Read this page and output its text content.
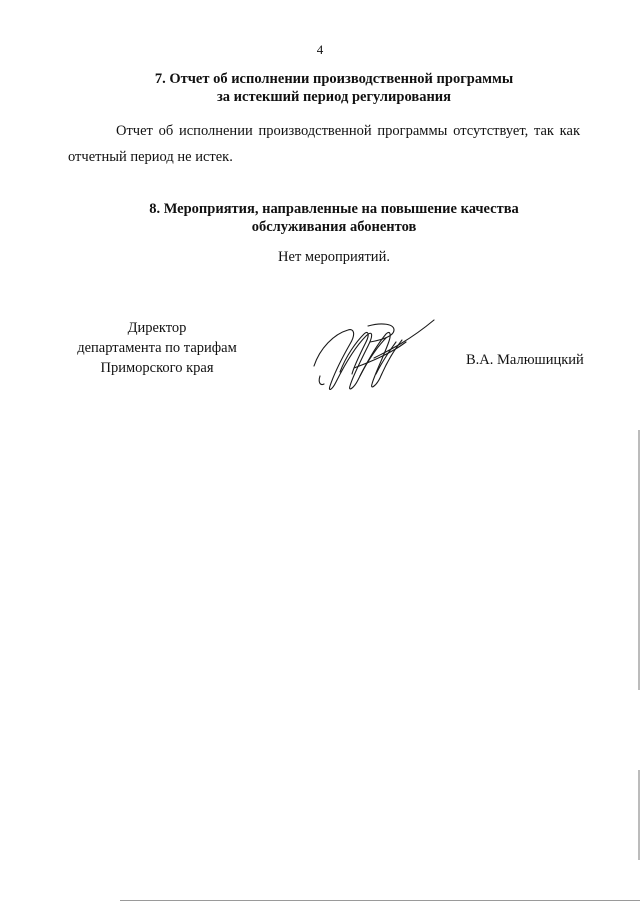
4
7. Отчет об исполнении производственной программы
за истекший период регулирования
Отчет об исполнении производственной программы отсутствует, так как
отчетный период не истек.
8. Мероприятия, направленные на повышение качества
обслуживания абонентов
Нет мероприятий.
Директор
департамента по тарифам
Приморского края	В.А. Малюшицкий
